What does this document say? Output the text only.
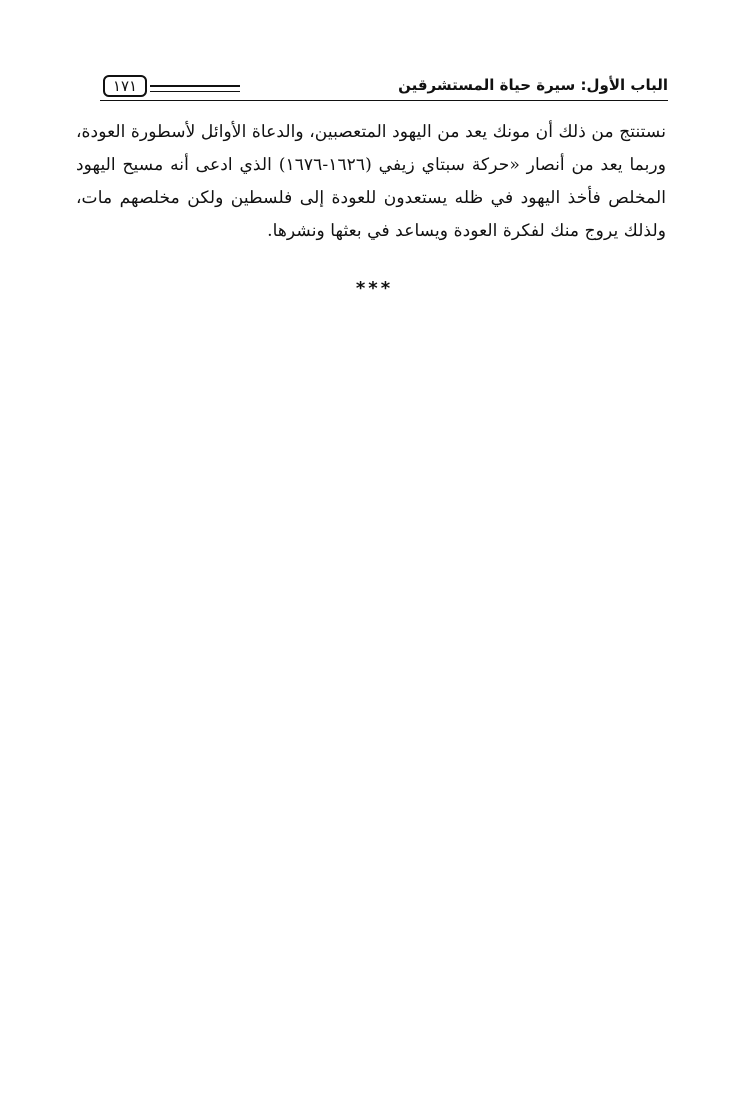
١٧١	الباب الأول: سيرة حياة المستشرقين

نستنتج من ذلك أن مونك يعد من اليهود المتعصبين، والدعاة الأوائل لأسطورة العودة، وربما يعد من أنصار «حركة سبتاي زيفي (١٦٢٦-١٦٧٦) الذي ادعى أنه مسيح اليهود المخلص فأخذ اليهود في ظله يستعدون للعودة إلى فلسطين ولكن مخلصهم مات، ولذلك يروج منك لفكرة العودة ويساعد في بعثها ونشرها.

***
